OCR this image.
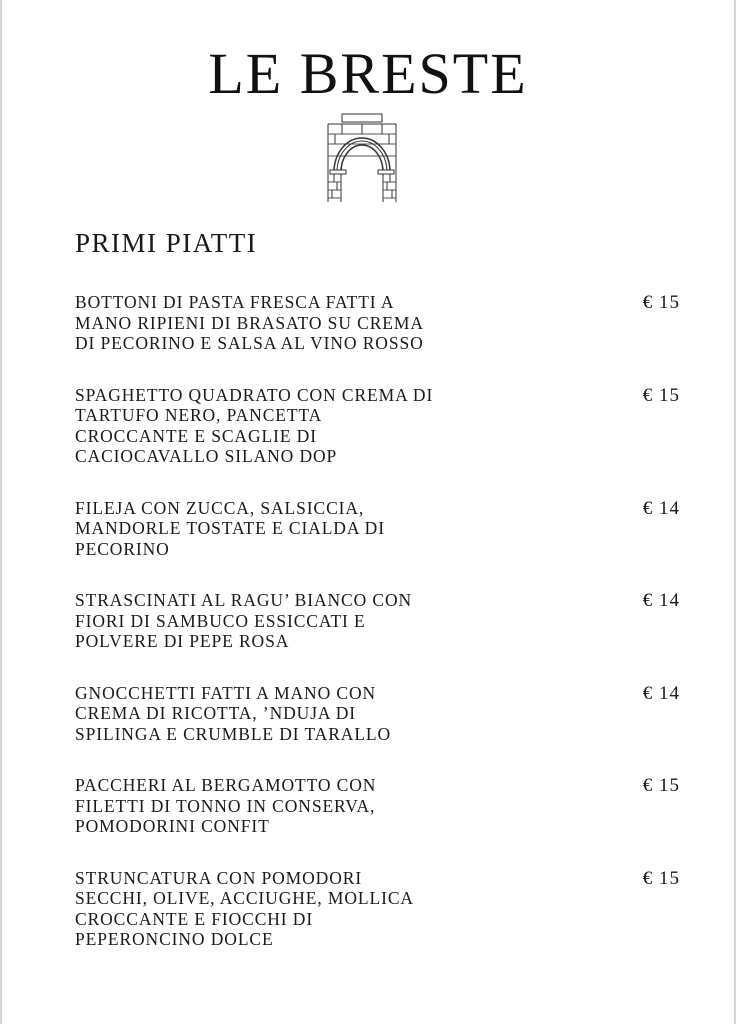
LE BRESTE
PRIMI PIATTI
BOTTONI DI PASTA FRESCA FATTI A
MANO RIPIENI DI BRASATO SU CREMA
DI PECORINO E SALSA AL VINO ROSSO
€ 15
SPAGHETTO QUADRATO CON CREMA DI
TARTUFO NERO, PANCETTA
CROCCANTE E SCAGLIE DI
CACIOCAVALLO SILANO DOP
€ 15
FILEJA CON ZUCCA, SALSICCIA,
MANDORLE TOSTATE E CIALDA DI
PECORINO
€ 14
STRASCINATI AL RAGU’ BIANCO CON
FIORI DI SAMBUCO ESSICCATI E
POLVERE DI PEPE ROSA
€ 14
GNOCCHETTI FATTI A MANO CON
CREMA DI RICOTTA, ’NDUJA DI
SPILINGA E CRUMBLE DI TARALLO
€ 14
PACCHERI AL BERGAMOTTO CON
FILETTI DI TONNO IN CONSERVA,
POMODORINI CONFIT
€ 15
STRUNCATURA CON POMODORI
SECCHI, OLIVE, ACCIUGHE, MOLLICA
CROCCANTE E FIOCCHI DI
PEPERONCINO DOLCE
€ 15
